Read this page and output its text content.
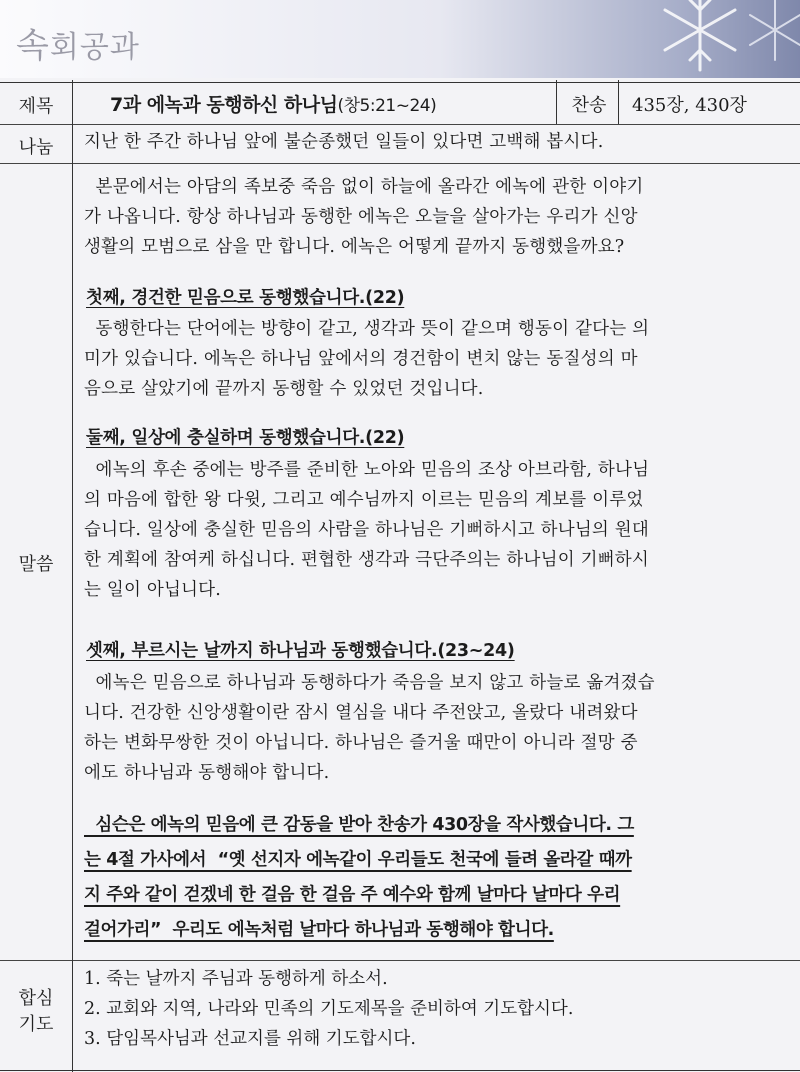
속회공과
제목	7과 에녹과 동행하신 하나님(창5:21~24)	찬송	435장, 430장
나눔	지난 한 주간 하나님 앞에 불순종했던 일들이 있다면 고백해 봅시다.
말씀
본문에서는 아담의 족보중 죽음 없이 하늘에 올라간 에녹에 관한 이야기
가 나옵니다. 항상 하나님과 동행한 에녹은 오늘을 살아가는 우리가 신앙
생활의 모범으로 삼을 만 합니다. 에녹은 어떻게 끝까지 동행했을까요?
첫째, 경건한 믿음으로 동행했습니다.(22)
동행한다는 단어에는 방향이 같고, 생각과 뜻이 같으며 행동이 같다는 의
미가 있습니다. 에녹은 하나님 앞에서의 경건함이 변치 않는 동질성의 마
음으로 살았기에 끝까지 동행할 수 있었던 것입니다.
둘째, 일상에 충실하며 동행했습니다.(22)
에녹의 후손 중에는 방주를 준비한 노아와 믿음의 조상 아브라함, 하나님
의 마음에 합한 왕 다윗, 그리고 예수님까지 이르는 믿음의 계보를 이루었
습니다. 일상에 충실한 믿음의 사람을 하나님은 기뻐하시고 하나님의 원대
한 계획에 참여케 하십니다. 편협한 생각과 극단주의는 하나님이 기뻐하시
는 일이 아닙니다.
셋째, 부르시는 날까지 하나님과 동행했습니다.(23~24)
에녹은 믿음으로 하나님과 동행하다가 죽음을 보지 않고 하늘로 옮겨졌습
니다. 건강한 신앙생활이란 잠시 열심을 내다 주전앉고, 올랐다 내려왔다
하는 변화무쌍한 것이 아닙니다. 하나님은 즐거울 때만이 아니라 절망 중
에도 하나님과 동행해야 합니다.
심슨은 에녹의 믿음에 큰 감동을 받아 찬송가 430장을 작사했습니다. 그
는 4절 가사에서  “옛 선지자 에녹같이 우리들도 천국에 들려 올라갈 때까
지 주와 같이 걷겠네 한 걸음 한 걸음 주 예수와 함께 날마다 날마다 우리
걸어가리”  우리도 에녹처럼 날마다 하나님과 동행해야 합니다.
합심
기도
1. 죽는 날까지 주님과 동행하게 하소서.
2. 교회와 지역, 나라와 민족의 기도제목을 준비하여 기도합시다.
3. 담임목사님과 선교지를 위해 기도합시다.
